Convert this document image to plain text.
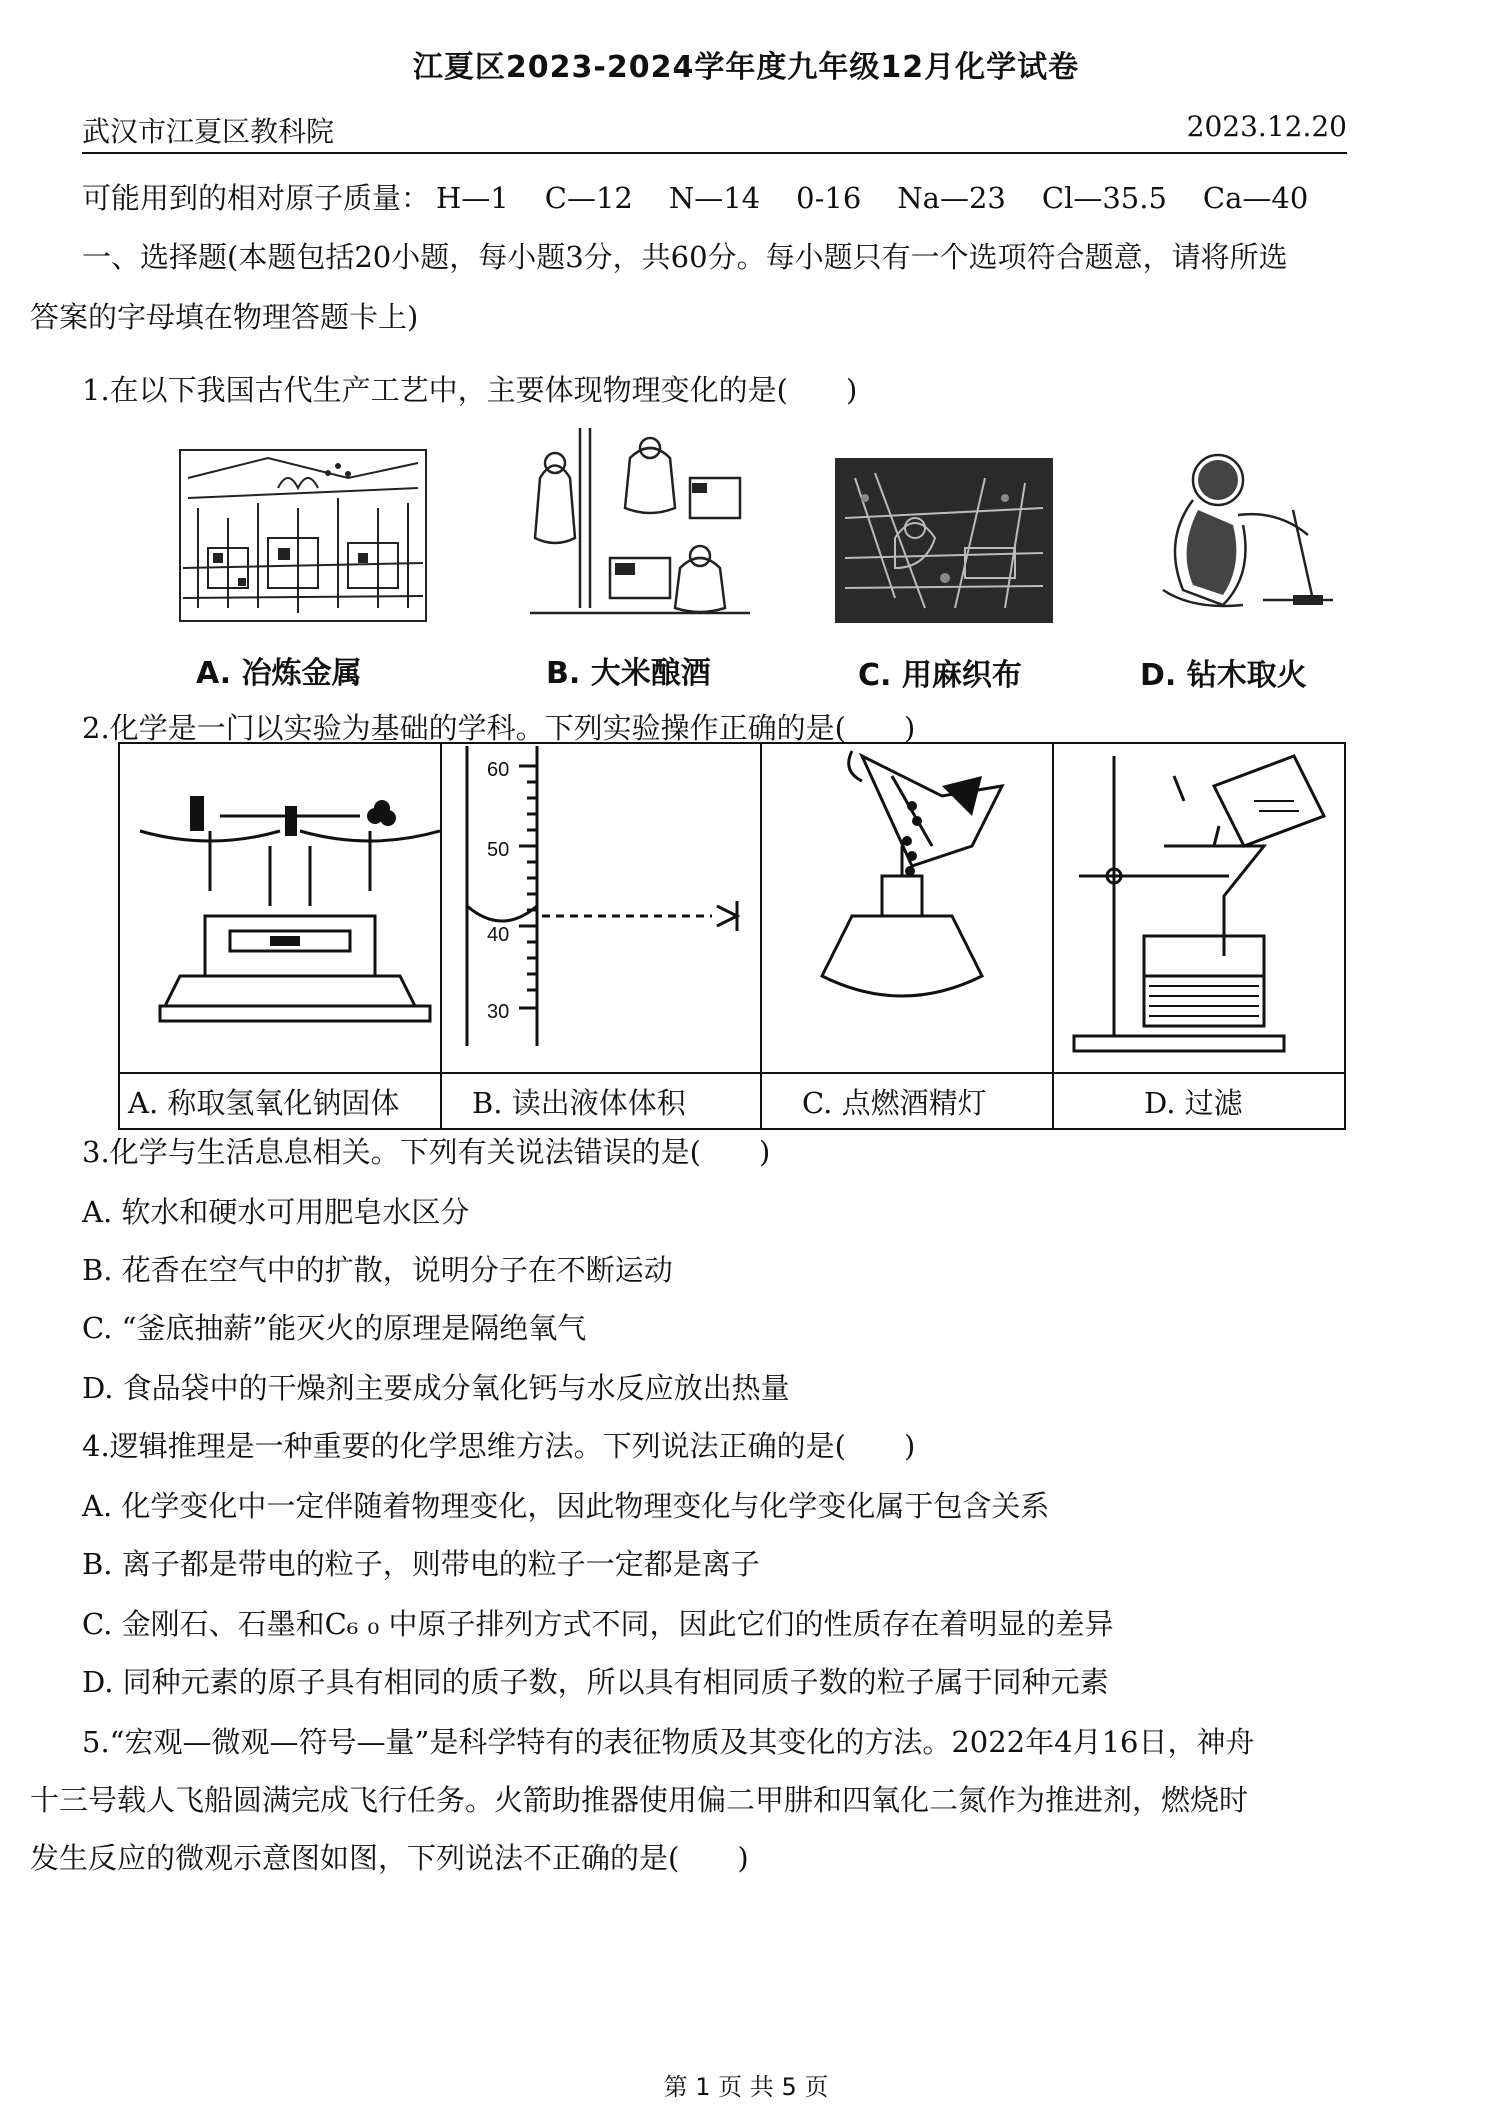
江夏区2023-2024学年度九年级12月化学试卷
武汉市江夏区教科院	2023.12.20
可能用到的相对原子质量： H—1 C—12 N—14 0-16 Na—23 Cl—35.5 Ca—40
一、选择题(本题包括20小题，每小题3分，共60分。每小题只有一个选项符合题意，请将所选
答案的字母填在物理答题卡上)
1.在以下我国古代生产工艺中，主要体现物理变化的是(　　)
A. 冶炼金属	B. 大米酿酒	C. 用麻织布	D. 钻木取火
2.化学是一门以实验为基础的学科。下列实验操作正确的是(　　)

60
50
40
30

A. 称取氢氧化钠固体	B. 读出液体体积	C. 点燃酒精灯	D. 过滤
3.化学与生活息息相关。下列有关说法错误的是(　　)
A. 软水和硬水可用肥皂水区分
B. 花香在空气中的扩散，说明分子在不断运动
C. “釜底抽薪”能灭火的原理是隔绝氧气
D. 食品袋中的干燥剂主要成分氧化钙与水反应放出热量
4.逻辑推理是一种重要的化学思维方法。下列说法正确的是(　　)
A. 化学变化中一定伴随着物理变化，因此物理变化与化学变化属于包含关系
B. 离子都是带电的粒子，则带电的粒子一定都是离子
C. 金刚石、石墨和C₆ ₀ 中原子排列方式不同，因此它们的性质存在着明显的差异
D. 同种元素的原子具有相同的质子数，所以具有相同质子数的粒子属于同种元素
5.“宏观—微观—符号—量”是科学特有的表征物质及其变化的方法。2022年4月16日，神舟
十三号载人飞船圆满完成飞行任务。火箭助推器使用偏二甲肼和四氧化二氮作为推进剂，燃烧时
发生反应的微观示意图如图，下列说法不正确的是(　　)
第 1 页 共 5 页
